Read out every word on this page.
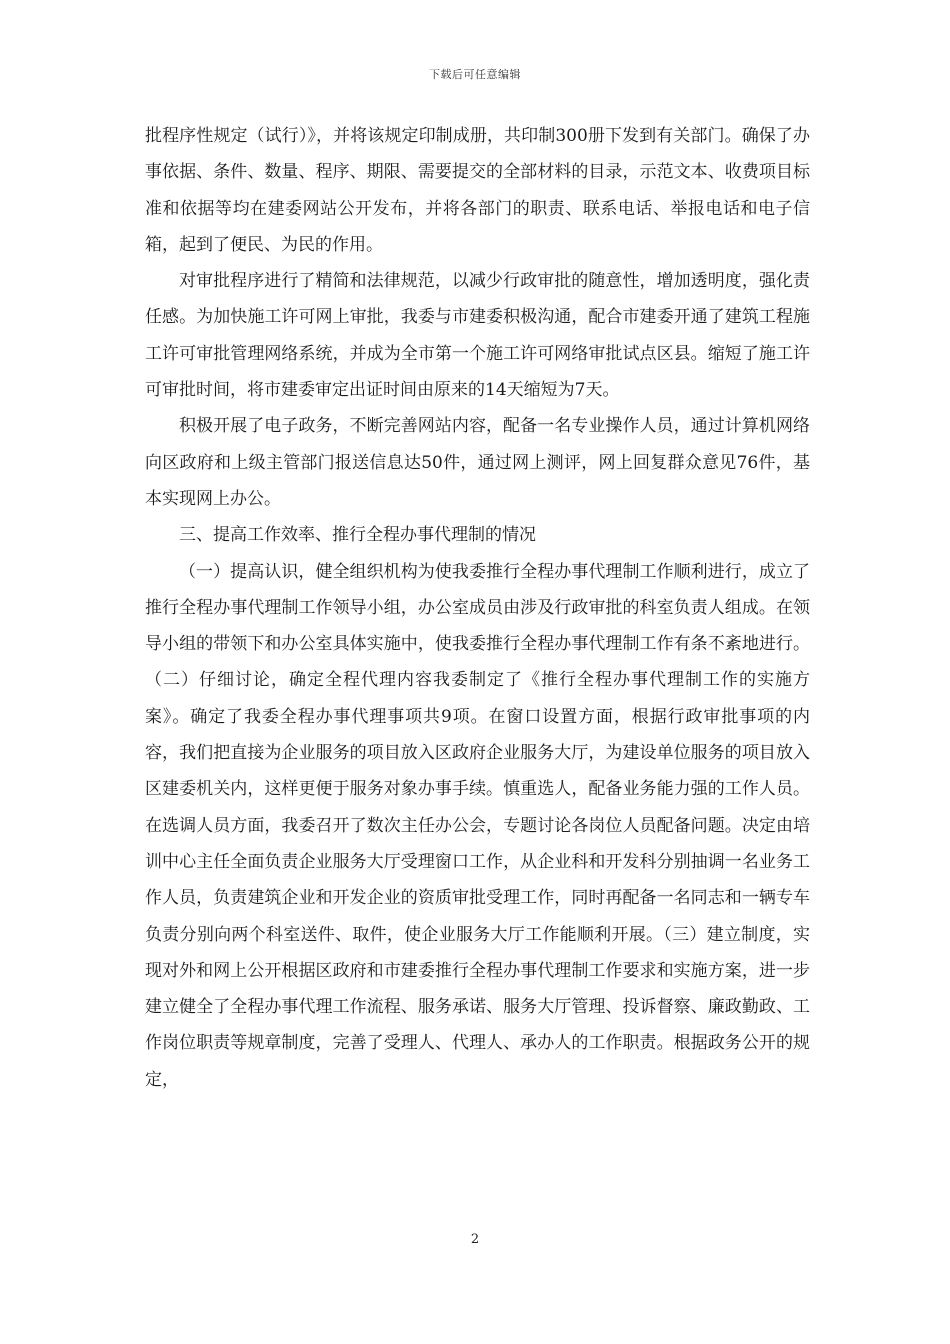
下载后可任意编辑

批程序性规定（试行）》，并将该规定印制成册，共印制300册下发到有关部门。确保了办事依据、条件、数量、程序、期限、需要提交的全部材料的目录，示范文本、收费项目标准和依据等均在建委网站公开发布，并将各部门的职责、联系电话、举报电话和电子信箱，起到了便民、为民的作用。

对审批程序进行了精简和法律规范，以减少行政审批的随意性，增加透明度，强化责任感。为加快施工许可网上审批，我委与市建委积极沟通，配合市建委开通了建筑工程施工许可审批管理网络系统，并成为全市第一个施工许可网络审批试点区县。缩短了施工许可审批时间，将市建委审定出证时间由原来的14天缩短为7天。

积极开展了电子政务，不断完善网站内容，配备一名专业操作人员，通过计算机网络向区政府和上级主管部门报送信息达50件，通过网上测评，网上回复群众意见76件，基本实现网上办公。

三、提高工作效率、推行全程办事代理制的情况

（一）提高认识，健全组织机构为使我委推行全程办事代理制工作顺利进行，成立了推行全程办事代理制工作领导小组，办公室成员由涉及行政审批的科室负责人组成。在领导小组的带领下和办公室具体实施中，使我委推行全程办事代理制工作有条不紊地进行。（二）仔细讨论，确定全程代理内容我委制定了《推行全程办事代理制工作的实施方案》。确定了我委全程办事代理事项共9项。在窗口设置方面，根据行政审批事项的内容，我们把直接为企业服务的项目放入区政府企业服务大厅，为建设单位服务的项目放入区建委机关内，这样更便于服务对象办事手续。慎重选人，配备业务能力强的工作人员。在选调人员方面，我委召开了数次主任办公会，专题讨论各岗位人员配备问题。决定由培训中心主任全面负责企业服务大厅受理窗口工作，从企业科和开发科分别抽调一名业务工作人员，负责建筑企业和开发企业的资质审批受理工作，同时再配备一名同志和一辆专车负责分别向两个科室送件、取件，使企业服务大厅工作能顺利开展。（三）建立制度，实现对外和网上公开根据区政府和市建委推行全程办事代理制工作要求和实施方案，进一步建立健全了全程办事代理工作流程、服务承诺、服务大厅管理、投诉督察、廉政勤政、工作岗位职责等规章制度，完善了受理人、代理人、承办人的工作职责。根据政务公开的规定，

2
